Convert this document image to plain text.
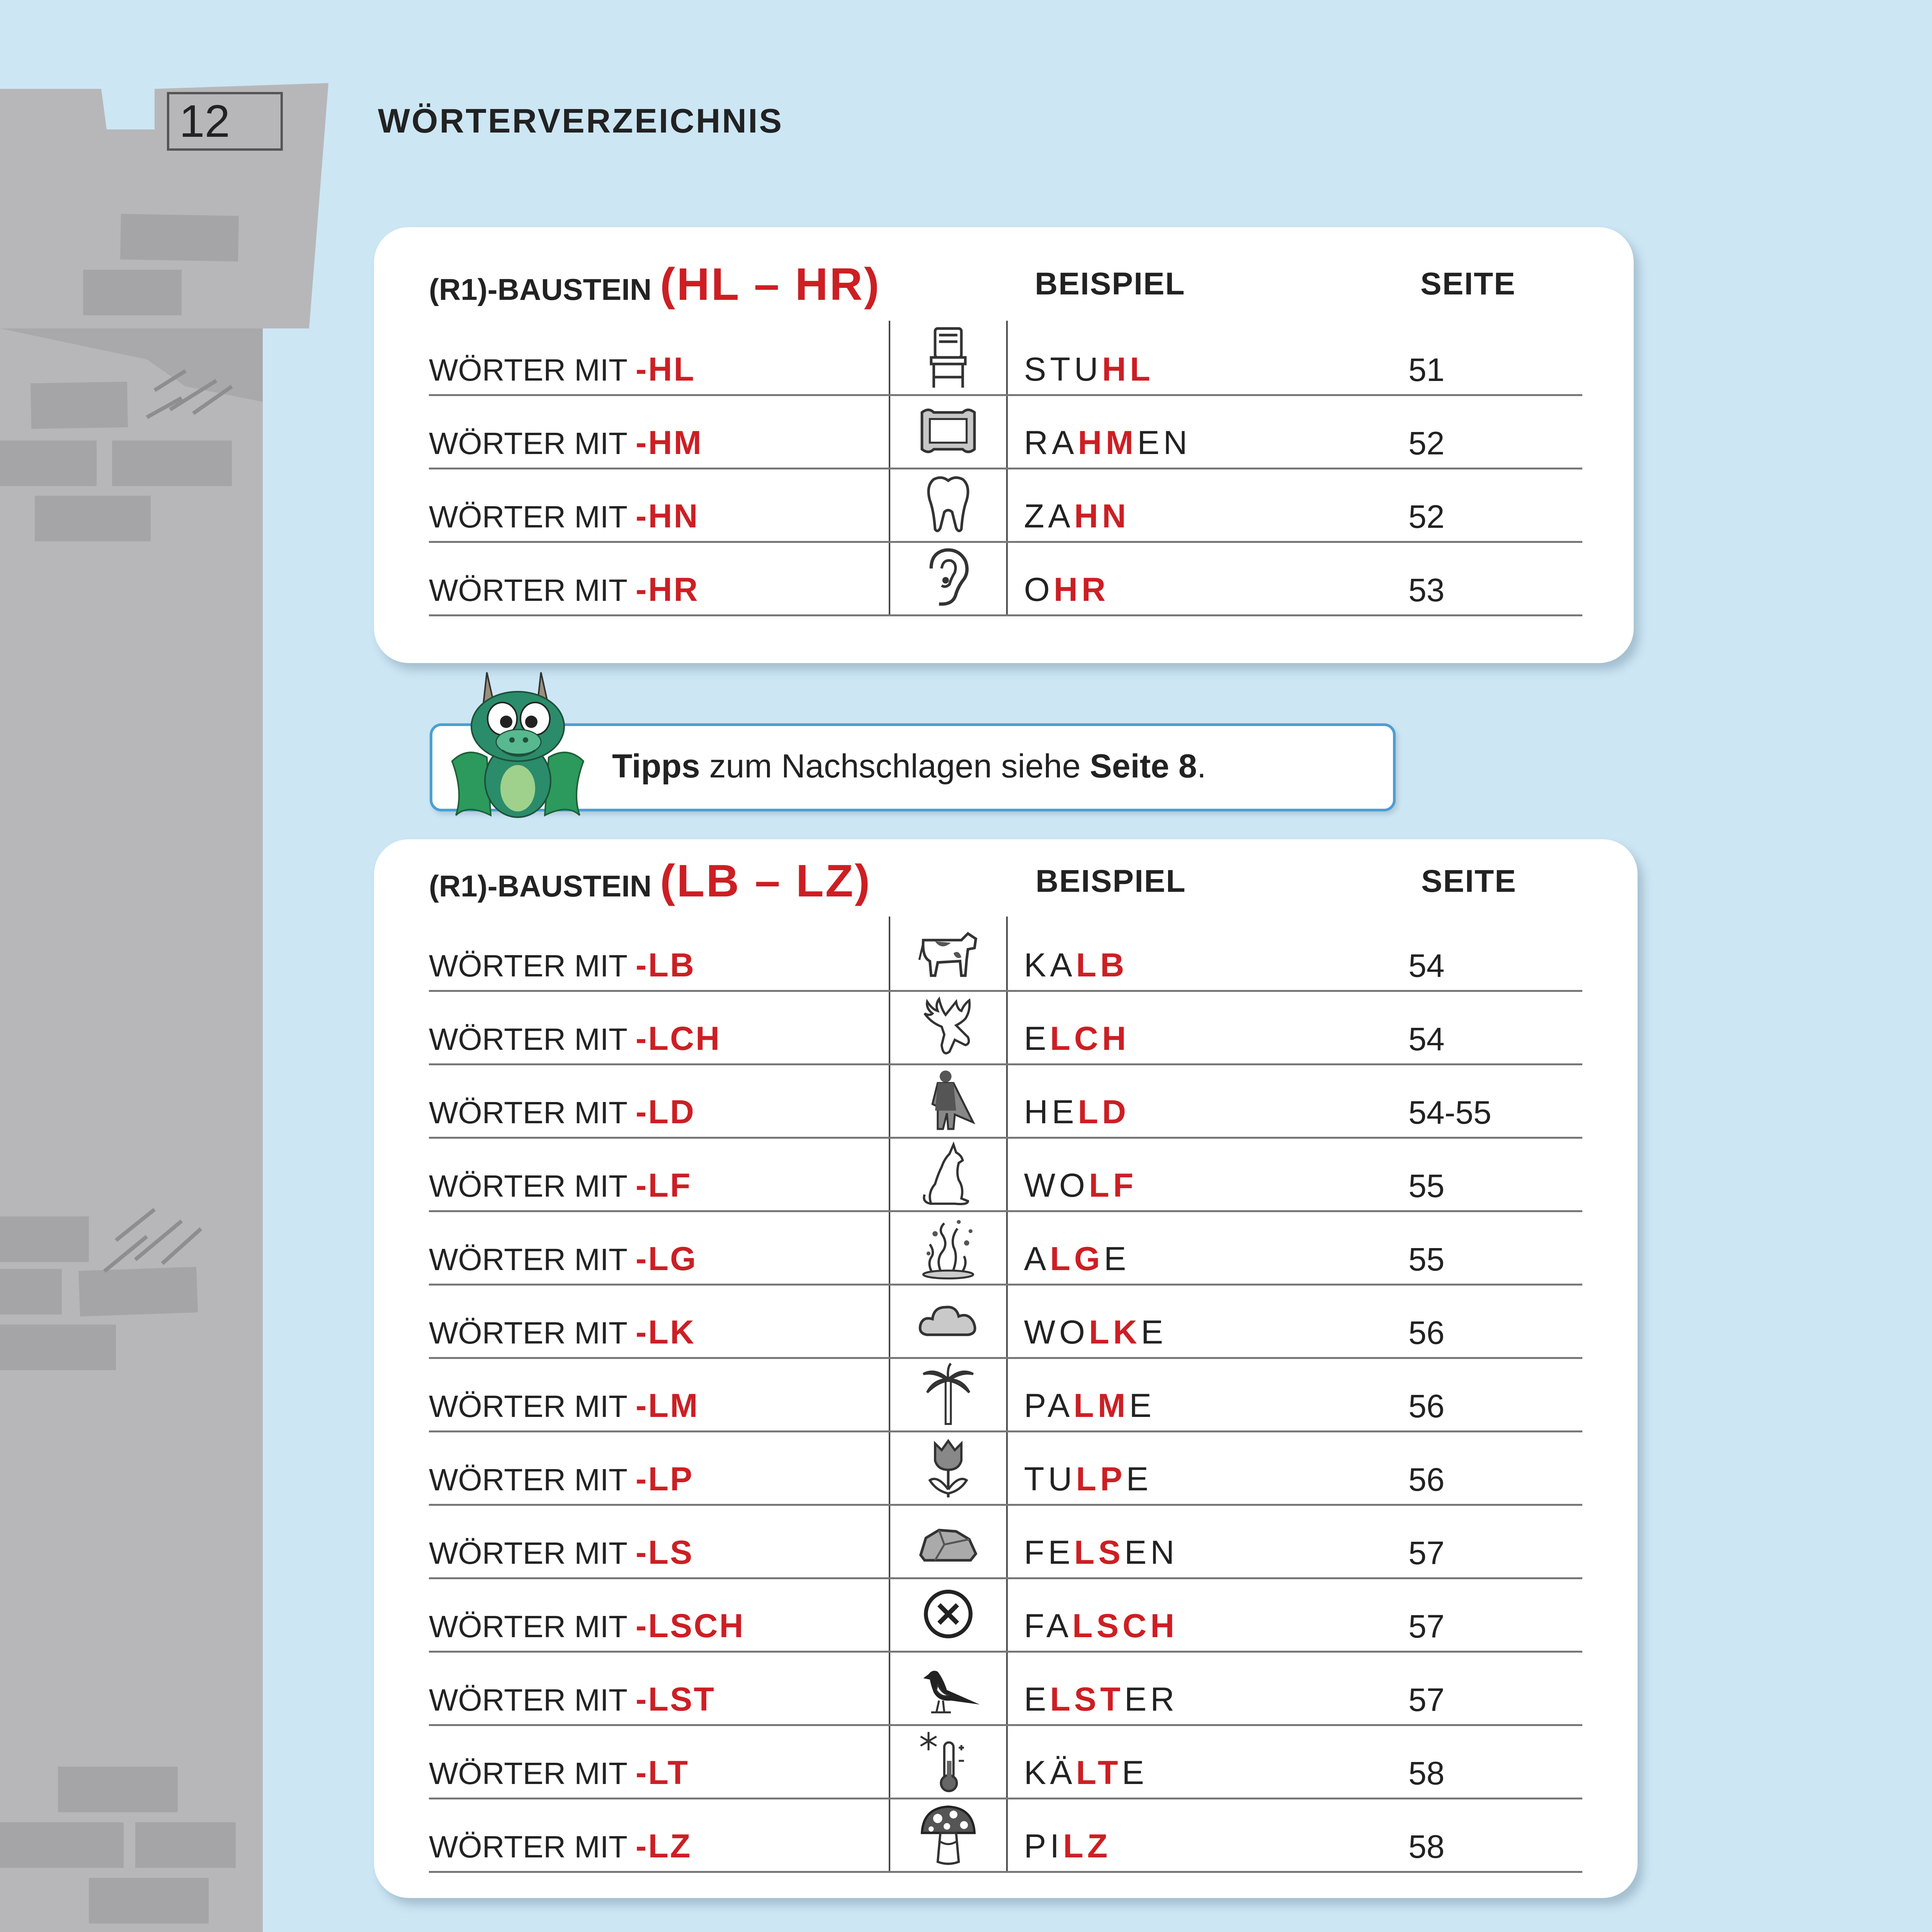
12	WÖRTERVERZEICHNIS
(R1)-BAUSTEIN (HL – HR)	BEISPIEL	SEITE
WÖRTER MIT -HL	STUHL	51
WÖRTER MIT -HM	RAHMEN	52
WÖRTER MIT -HN	ZAHN	52
WÖRTER MIT -HR	OHR	53
Tipps zum Nachschlagen siehe Seite 8.
(R1)-BAUSTEIN (LB – LZ)	BEISPIEL	SEITE
WÖRTER MIT -LB	KALB	54
WÖRTER MIT -LCH	ELCH	54
WÖRTER MIT -LD	HELD	54-55
WÖRTER MIT -LF	WOLF	55
WÖRTER MIT -LG	ALGE	55
WÖRTER MIT -LK	WOLKE	56
WÖRTER MIT -LM	PALME	56
WÖRTER MIT -LP	TULPE	56
WÖRTER MIT -LS	FELSEN	57
WÖRTER MIT -LSCH	FALSCH	57
WÖRTER MIT -LST	ELSTER	57
WÖRTER MIT -LT	KÄLTE	58
WÖRTER MIT -LZ	PILZ	58
